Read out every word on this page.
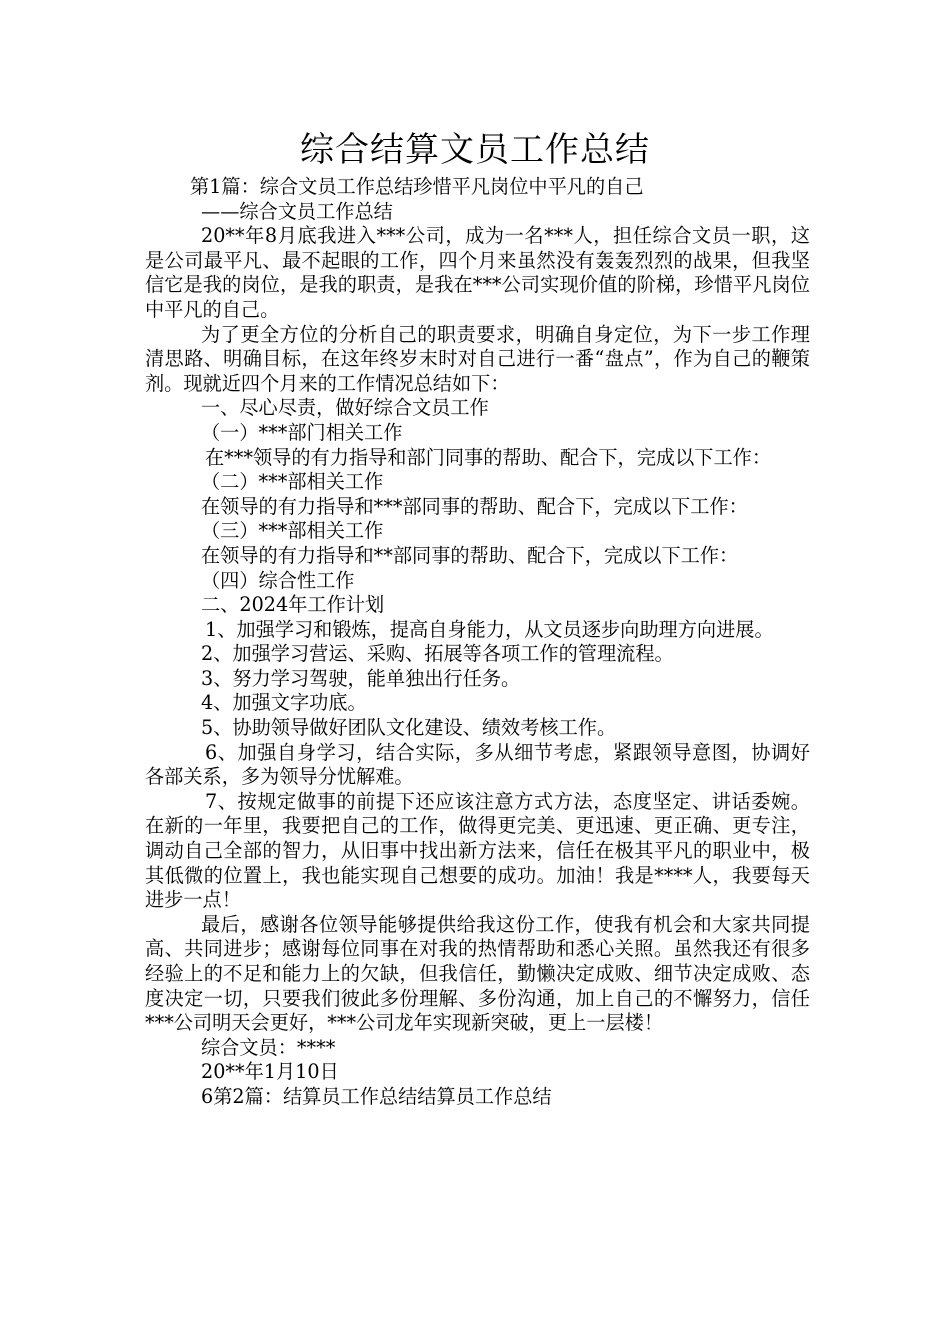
综合结算文员工作总结

第1篇：综合文员工作总结珍惜平凡岗位中平凡的自己

——综合文员工作总结

20**年8月底我进入***公司，成为一名***人，担任综合文员一职，这是公司最平凡、最不起眼的工作，四个月来虽然没有轰轰烈烈的战果，但我坚信它是我的岗位，是我的职责，是我在***公司实现价值的阶梯，珍惜平凡岗位中平凡的自己。

为了更全方位的分析自己的职责要求，明确自身定位，为下一步工作理清思路、明确目标，在这年终岁末时对自己进行一番“盘点”，作为自己的鞭策剂。现就近四个月来的工作情况总结如下：

一、尽心尽责，做好综合文员工作

（一）***部门相关工作

在***领导的有力指导和部门同事的帮助、配合下，完成以下工作：

（二）***部相关工作

在领导的有力指导和***部同事的帮助、配合下，完成以下工作：

（三）***部相关工作

在领导的有力指导和**部同事的帮助、配合下，完成以下工作：

（四）综合性工作

二、2024年工作计划

1、加强学习和锻炼，提高自身能力，从文员逐步向助理方向进展。

2、加强学习营运、采购、拓展等各项工作的管理流程。

3、努力学习驾驶，能单独出行任务。

4、加强文字功底。

5、协助领导做好团队文化建设、绩效考核工作。

6、加强自身学习，结合实际，多从细节考虑，紧跟领导意图，协调好各部关系，多为领导分忧解难。

7、按规定做事的前提下还应该注意方式方法，态度坚定、讲话委婉。 在新的一年里，我要把自己的工作，做得更完美、更迅速、更正确、更专注，调动自己全部的智力，从旧事中找出新方法来，信任在极其平凡的职业中，极其低微的位置上，我也能实现自己想要的成功。加油！我是****人，我要每天进步一点！

最后，感谢各位领导能够提供给我这份工作，使我有机会和大家共同提高、共同进步；感谢每位同事在对我的热情帮助和悉心关照。虽然我还有很多经验上的不足和能力上的欠缺，但我信任，勤懒决定成败、细节决定成败、态度决定一切，只要我们彼此多份理解、多份沟通，加上自己的不懈努力，信任***公司明天会更好，***公司龙年实现新突破，更上一层楼！

综合文员：****

20**年1月10日

6第2篇：结算员工作总结结算员工作总结
